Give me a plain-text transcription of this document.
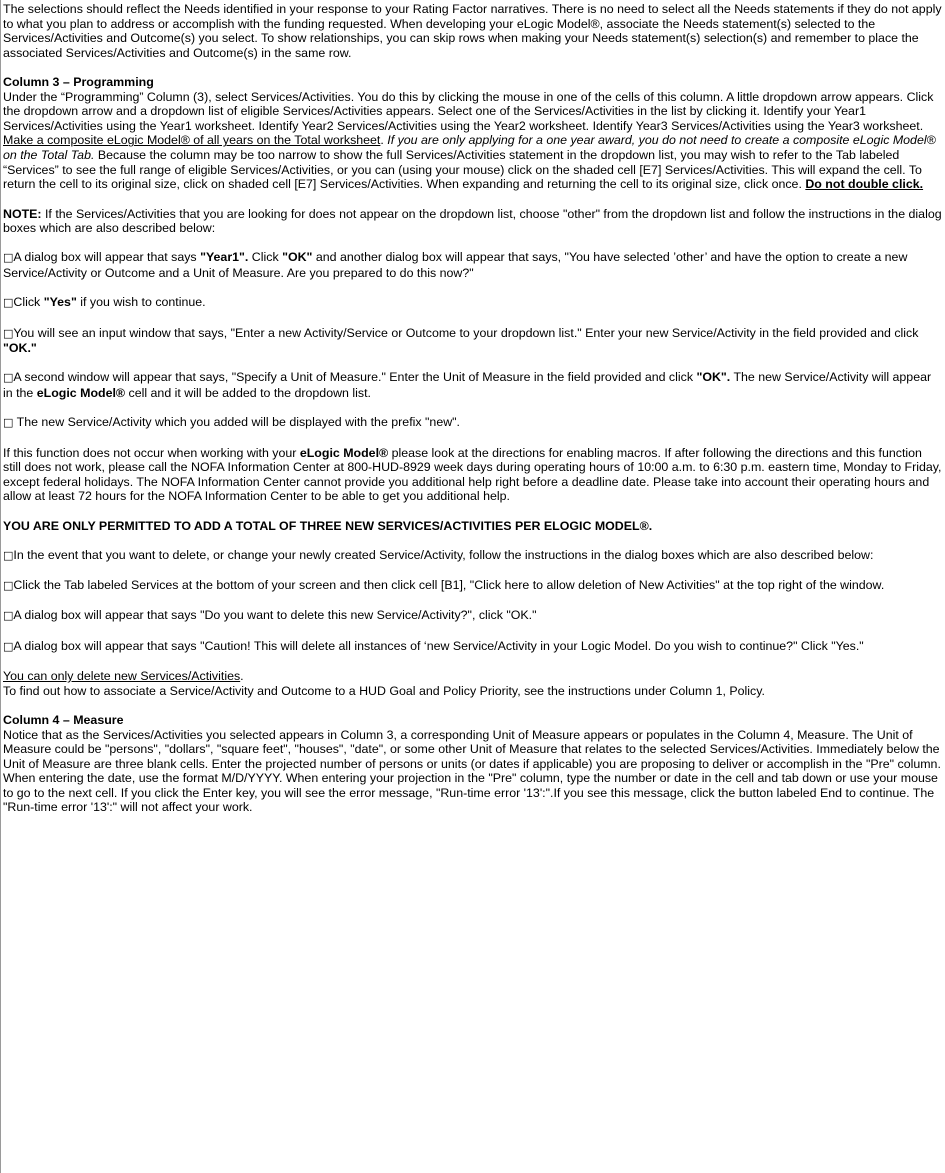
The selections should reflect the Needs identified in your response to your Rating Factor narratives. There is no need to select all the Needs statements if they do not apply to what you plan to address or accomplish with the funding requested. When developing your eLogic Model®, associate the Needs statement(s) selected to the Services/Activities and Outcome(s) you select. To show relationships, you can skip rows when making your Needs statement(s) selection(s) and remember to place the associated Services/Activities and Outcome(s) in the same row.

Column 3 – Programming

Under the “Programming” Column (3), select Services/Activities. You do this by clicking the mouse in one of the cells of this column. A little dropdown arrow appears. Click the dropdown arrow and a dropdown list of eligible Services/Activities appears. Select one of the Services/Activities in the list by clicking it. Identify your Year1 Services/Activities using the Year1 worksheet. Identify Year2 Services/Activities using the Year2 worksheet. Identify Year3 Services/Activities using the Year3 worksheet. Make a composite eLogic Model® of all years on the Total worksheet. If you are only applying for a one year award, you do not need to create a composite eLogic Model® on the Total Tab. Because the column may be too narrow to show the full Services/Activities statement in the dropdown list, you may wish to refer to the Tab labeled “Services” to see the full range of eligible Services/Activities, or you can (using your mouse) click on the shaded cell [E7] Services/Activities. This will expand the cell. To return the cell to its original size, click on shaded cell [E7] Services/Activities. When expanding and returning the cell to its original size, click once. Do not double click.

NOTE: If the Services/Activities that you are looking for does not appear on the dropdown list, choose "other" from the dropdown list and follow the instructions in the dialog boxes which are also described below:

□A dialog box will appear that says "Year1". Click "OK" and another dialog box will appear that says, "You have selected ’other’ and have the option to create a new Service/Activity or Outcome and a Unit of Measure. Are you prepared to do this now?"

□Click "Yes" if you wish to continue.

□You will see an input window that says, "Enter a new Activity/Service or Outcome to your dropdown list." Enter your new Service/Activity in the field provided and click "OK."

□A second window will appear that says, "Specify a Unit of Measure." Enter the Unit of Measure in the field provided and click "OK". The new Service/Activity will appear in the eLogic Model® cell and it will be added to the dropdown list.

□ The new Service/Activity which you added will be displayed with the prefix "new".

If this function does not occur when working with your eLogic Model® please look at the directions for enabling macros. If after following the directions and this function still does not work, please call the NOFA Information Center at 800-HUD-8929 week days during operating hours of 10:00 a.m. to 6:30 p.m. eastern time, Monday to Friday, except federal holidays. The NOFA Information Center cannot provide you additional help right before a deadline date. Please take into account their operating hours and allow at least 72 hours for the NOFA Information Center to be able to get you additional help.

YOU ARE ONLY PERMITTED TO ADD A TOTAL OF THREE NEW SERVICES/ACTIVITIES PER ELOGIC MODEL®.

□In the event that you want to delete, or change your newly created Service/Activity, follow the instructions in the dialog boxes which are also described below:

□Click the Tab labeled Services at the bottom of your screen and then click cell [B1], "Click here to allow deletion of New Activities" at the top right of the window.

□A dialog box will appear that says "Do you want to delete this new Service/Activity?", click "OK."

□A dialog box will appear that says "Caution! This will delete all instances of ‘new Service/Activity in your Logic Model. Do you wish to continue?" Click "Yes."

You can only delete new Services/Activities.

To find out how to associate a Service/Activity and Outcome to a HUD Goal and Policy Priority, see the instructions under Column 1, Policy.

Column 4 – Measure

Notice that as the Services/Activities you selected appears in Column 3, a corresponding Unit of Measure appears or populates in the Column 4, Measure. The Unit of Measure could be "persons", "dollars", "square feet", "houses", "date", or some other Unit of Measure that relates to the selected Services/Activities. Immediately below the Unit of Measure are three blank cells. Enter the projected number of persons or units (or dates if applicable) you are proposing to deliver or accomplish in the "Pre" column. When entering the date, use the format M/D/YYYY. When entering your projection in the "Pre" column, type the number or date in the cell and tab down or use your mouse to go to the next cell. If you click the Enter key, you will see the error message, "Run-time error '13':".If you see this message, click the button labeled End to continue. The "Run-time error '13':" will not affect your work.
